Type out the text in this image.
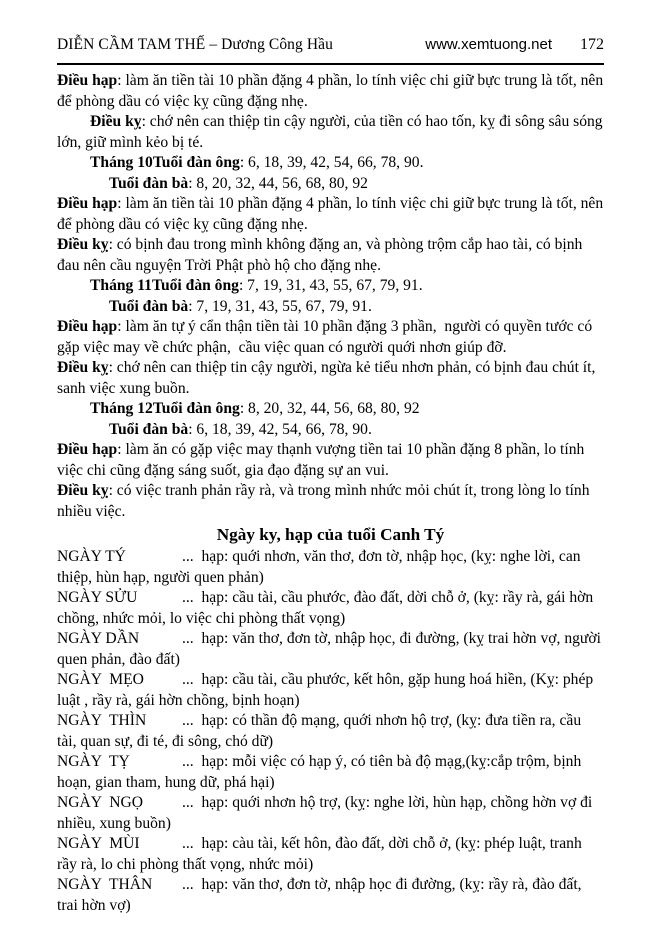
DIỄN CẦM TAM THẾ – Dương Công Hầu	www.xemtuong.net 172

Điều hạp: làm ăn tiền tài 10 phần đặng 4 phần, lo tính việc chi giữ bực trung là tốt, nên để phòng dầu có việc kỵ cũng đặng nhẹ.

Điều kỵ: chớ nên can thiệp tin cậy người, của tiền có hao tốn, kỵ đi sông sâu sóng lớn, giữ mình kẻo bị té.

Tháng 10Tuổi đàn ông: 6, 18, 39, 42, 54, 66, 78, 90.

Tuổi đàn bà: 8, 20, 32, 44, 56, 68, 80, 92

Điều hạp: làm ăn tiền tài 10 phần đặng 4 phần, lo tính việc chi giữ bực trung là tốt, nên để phòng dầu có việc kỵ cũng đặng nhẹ.

Điều kỵ: có bịnh đau trong mình không đặng an, và phòng trộm cắp hao tài, có bịnh đau nên cầu nguyện Trời Phật phò hộ cho đặng nhẹ.

Tháng 11Tuổi đàn ông: 7, 19, 31, 43, 55, 67, 79, 91.

Tuổi đàn bà: 7, 19, 31, 43, 55, 67, 79, 91.

Điều hạp: làm ăn tự ý cẩn thận tiền tài 10 phần đặng 3 phần,  người có quyền tước có gặp việc may về chức phận,  cầu việc quan có người quới nhơn giúp đỡ.

Điều kỵ: chớ nên can thiệp tin cậy người, ngừa kẻ tiểu nhơn phản, có bịnh đau chút ít, sanh việc xung buồn.

Tháng 12Tuổi đàn ông: 8, 20, 32, 44, 56, 68, 80, 92

Tuổi đàn bà: 6, 18, 39, 42, 54, 66, 78, 90.

Điều hạp: làm ăn có gặp việc may thạnh vượng tiền tai 10 phần đặng 8 phần, lo tính việc chi cũng đặng sáng suốt, gia đạo đặng sự an vui.

Điều kỵ: có việc tranh phản rầy rà, và trong mình nhức mỏi chút ít, trong lòng lo tính nhiều việc.

Ngày ky, hạp của tuổi Canh Tý

NGÀY TÝ	...  hạp: quới nhơn, văn thơ, đơn tờ, nhập học, (kỵ: nghe lời, can thiệp, hùn hạp, người quen phản)

NGÀY SỬU	...  hạp: cầu tài, cầu phước, đào đất, dời chỗ ở, (kỵ: rầy rà, gái hờn chồng, nhức mỏi, lo việc chi phòng thất vọng)

NGÀY DẦN	...  hạp: văn thơ, đơn tờ, nhập học, đi đường, (kỵ trai hờn vợ, người quen phản, đào đất)

NGÀY  MẸO ...  hạp: cầu tài, cầu phước, kết hôn, gặp hung hoá hiền, (Kỵ: phép luật , rầy rà, gái hờn chồng, bịnh hoạn)

NGÀY  THÌN ...  hạp: có thần độ mạng, quới nhơn hộ trợ, (kỵ: đưa tiền ra, cầu tài, quan sự, đi té, đi sông, chó dữ)

NGÀY  TỴ	...  hạp: mỗi việc có hạp ý, có tiên bà độ mạg,(kỵ:cắp trộm, bịnh hoạn, gian tham, hung dữ, phá hại)

NGÀY  NGỌ ...  hạp: quới nhơn hộ trợ, (kỵ: nghe lời, hùn hạp, chồng hờn vợ đi nhiều, xung buồn)

NGÀY  MÙI	...  hạp: càu tài, kết hôn, đào đất, dời chỗ ở, (kỵ: phép luật, tranh rầy rà, lo chi phòng thất vọng, nhức mỏi)

NGÀY  THÂN ...  hạp: văn thơ, đơn tờ, nhập học đi đường, (kỵ: rầy rà, đào đất, trai hờn vợ)
